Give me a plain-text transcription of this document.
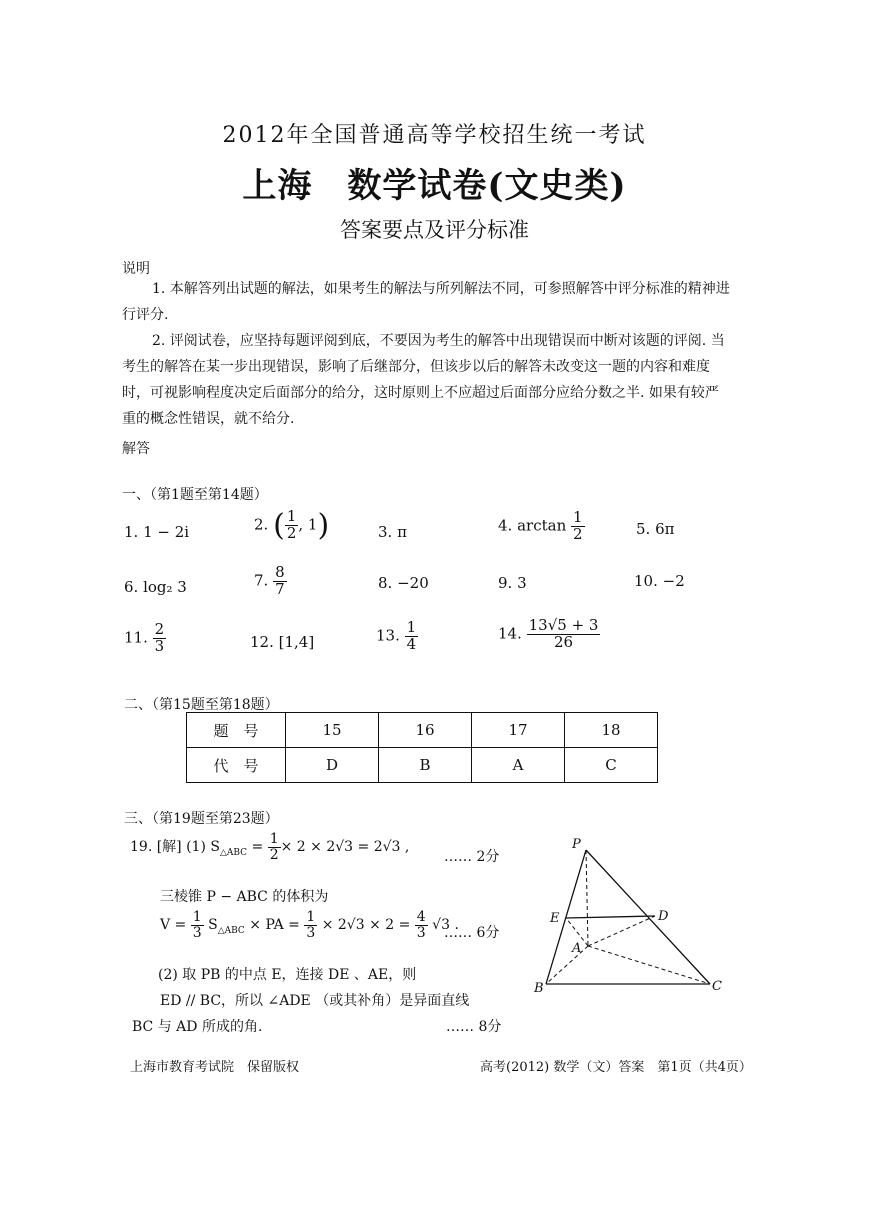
2012年全国普通高等学校招生统一考试
上海　数学试卷(文史类)
答案要点及评分标准
说明
1. 本解答列出试题的解法，如果考生的解法与所列解法不同，可参照解答中评分标准的精神进行评分.
2. 评阅试卷，应坚持每题评阅到底，不要因为考生的解答中出现错误而中断对该题的评阅. 当考生的解答在某一步出现错误，影响了后继部分，但该步以后的解答未改变这一题的内容和难度时，可视影响程度决定后面部分的给分，这时原则上不应超过后面部分应给分数之半. 如果有较严重的概念性错误，就不给分.
解答
一、（第1题至第14题）
1. 1 − 2i	2. ( $\frac{1}{2}$ , 1)	3. π	4. $\arctan \frac{1}{2}$	5. 6π
6. log₂ 3	7. $\frac{8}{7}$	8. −20	9. 3	10. −2
11. $\frac{2}{3}$	12. [1,4]	13. $\frac{1}{4}$	14. $\frac{13√5 + 3}{26}$
二、（第15题至第18题）
题　号	15	16	17	18
代　号	D	B	A	C
三、（第19题至第23题）
19. [解] (1) $S_{\triangle ABC} = \frac{1}{2} \times 2 \times 2√3 = 2√3$ ,
…… 2分
三棱锥 P − ABC 的体积为
$V = \frac{1}{3} S_{\triangle ABC}$ × PA = $\frac{1}{3} \times 2√3 \times 2 = \frac{4}{3} √3$ .
…… 6分
(2) 取 PB 的中点 E，连接 DE 、AE，则
ED // BC，所以 ∠ADE （或其补角）是异面直线
BC 与 AD 所成的角.	…… 8分
P
E	D
A
B	C
上海市教育考试院　保留版权	高考(2012) 数学（文）答案　第1页（共4页）
